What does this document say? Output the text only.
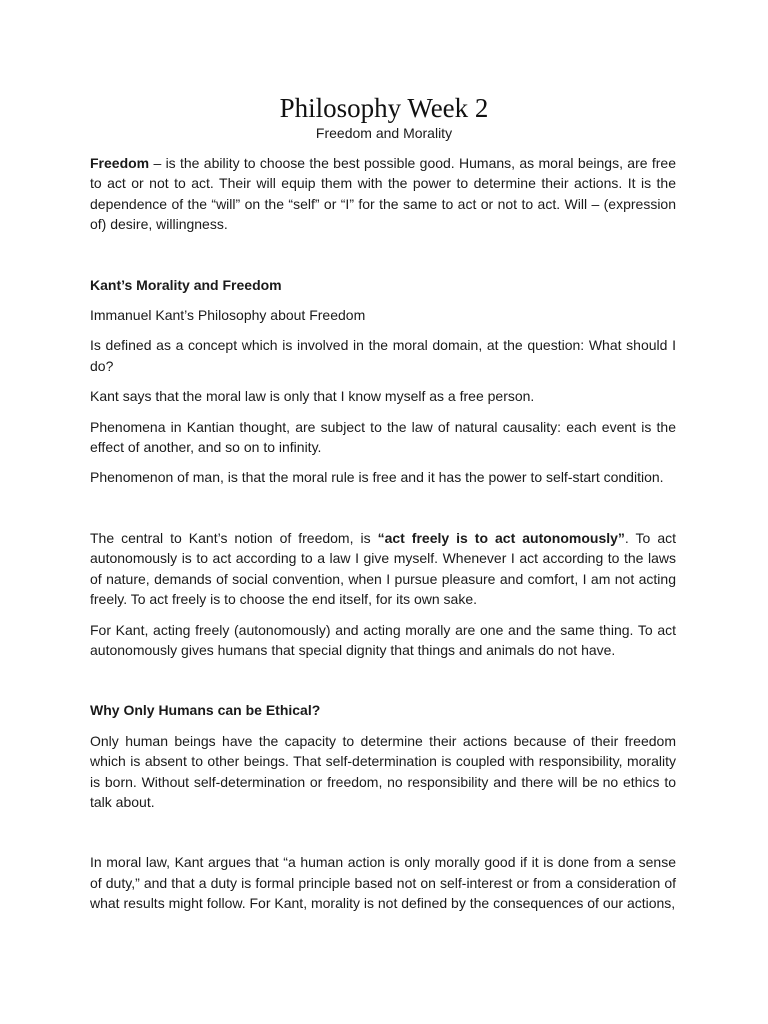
Philosophy Week 2
Freedom and Morality

Freedom – is the ability to choose the best possible good. Humans, as moral beings, are free to act or not to act. Their will equip them with the power to determine their actions. It is the dependence of the “will” on the “self” or “I” for the same to act or not to act. Will – (expression of) desire, willingness.

Kant’s Morality and Freedom

Immanuel Kant’s Philosophy about Freedom

Is defined as a concept which is involved in the moral domain, at the question: What should I do?

Kant says that the moral law is only that I know myself as a free person.

Phenomena in Kantian thought, are subject to the law of natural causality: each event is the effect of another, and so on to infinity.

Phenomenon of man, is that the moral rule is free and it has the power to self-start condition.

The central to Kant’s notion of freedom, is “act freely is to act autonomously”. To act autonomously is to act according to a law I give myself. Whenever I act according to the laws of nature, demands of social convention, when I pursue pleasure and comfort, I am not acting freely. To act freely is to choose the end itself, for its own sake.

For Kant, acting freely (autonomously) and acting morally are one and the same thing. To act autonomously gives humans that special dignity that things and animals do not have.

Why Only Humans can be Ethical?

Only human beings have the capacity to determine their actions because of their freedom which is absent to other beings. That self-determination is coupled with responsibility, morality is born. Without self-determination or freedom, no responsibility and there will be no ethics to talk about.

In moral law, Kant argues that “a human action is only morally good if it is done from a sense of duty,” and that a duty is formal principle based not on self-interest or from a consideration of what results might follow. For Kant, morality is not defined by the consequences of our actions,
